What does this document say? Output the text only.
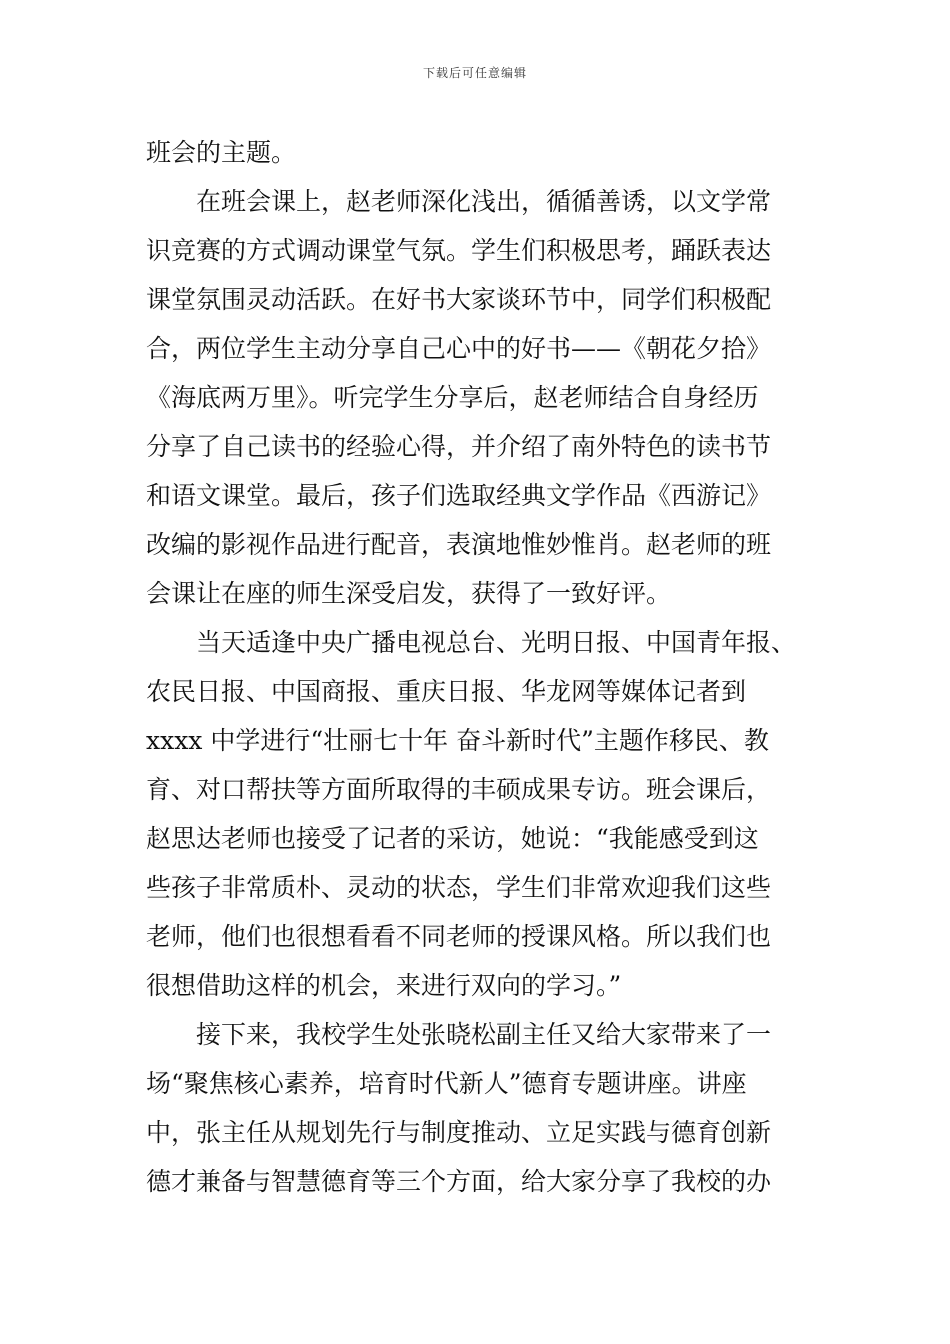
下载后可任意编辑
班会的主题。
在班会课上，赵老师深化浅出，循循善诱，以文学常
识竞赛的方式调动课堂气氛。学生们积极思考，踊跃表达
课堂氛围灵动活跃。在好书大家谈环节中，同学们积极配
合，两位学生主动分享自己心中的好书——《朝花夕拾》
《海底两万里》。听完学生分享后，赵老师结合自身经历
分享了自己读书的经验心得，并介绍了南外特色的读书节
和语文课堂。最后，孩子们选取经典文学作品《西游记》
改编的影视作品进行配音，表演地惟妙惟肖。赵老师的班
会课让在座的师生深受启发，获得了一致好评。
当天适逢中央广播电视总台、光明日报、中国青年报、
农民日报、中国商报、重庆日报、华龙网等媒体记者到
xxxx 中学进行“壮丽七十年 奋斗新时代”主题作移民、教
育、对口帮扶等方面所取得的丰硕成果专访。班会课后，
赵思达老师也接受了记者的采访，她说：“我能感受到这
些孩子非常质朴、灵动的状态，学生们非常欢迎我们这些
老师，他们也很想看看不同老师的授课风格。所以我们也
很想借助这样的机会，来进行双向的学习。”
接下来，我校学生处张晓松副主任又给大家带来了一
场“聚焦核心素养，培育时代新人”德育专题讲座。讲座
中，张主任从规划先行与制度推动、立足实践与德育创新
德才兼备与智慧德育等三个方面，给大家分享了我校的办
